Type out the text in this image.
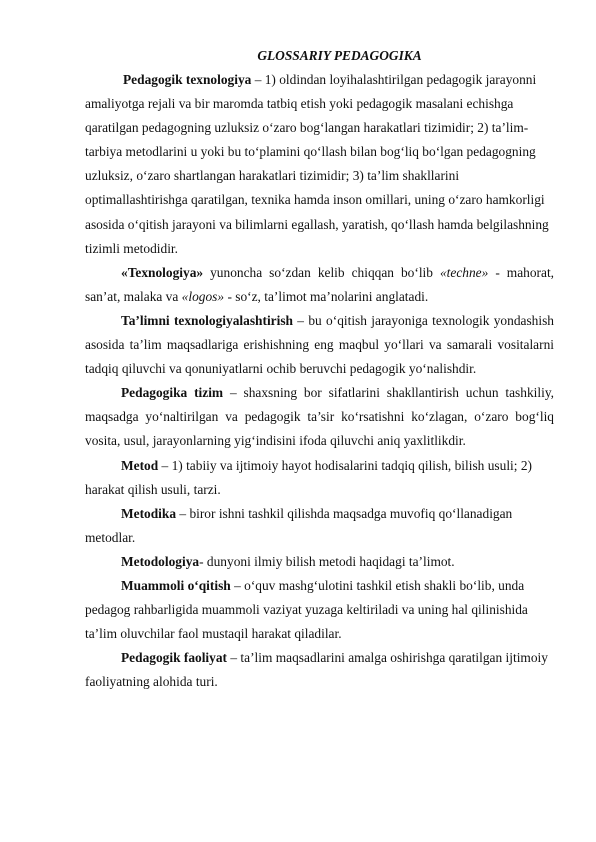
GLOSSARIY PEDAGOGIKA

Pedagogik texnologiya – 1) oldindan loyihalashtirilgan pedagogik jarayonni amaliyotga rejali va bir maromda tatbiq etish yoki pedagogik masalani echishga qaratilgan pedagogning uzluksiz o‘zaro bog‘langan harakatlari tizimidir; 2) ta’lim-tarbiya metodlarini u yoki bu to‘plamini qo‘llash bilan bog‘liq bo‘lgan pedagogning uzluksiz, o‘zaro shartlangan harakatlari tizimidir; 3) ta’lim shakllarini optimallashtirishga qaratilgan, texnika hamda inson omillari, uning o‘zaro hamkorligi asosida o‘qitish jarayoni va bilimlarni egallash, yaratish, qo‘llash hamda belgilashning tizimli metodidir.

«Texnologiya» yunoncha so‘zdan kelib chiqqan bo‘lib «techne» - mahorat, san’at, malaka va «logos» - so‘z, ta’limot ma’nolarini anglatadi.

Ta’limni texnologiyalashtirish – bu o‘qitish jarayoniga texnologik yondashish asosida ta’lim maqsadlariga erishishning eng maqbul yo‘llari va samarali vositalarni tadqiq qiluvchi va qonuniyatlarni ochib beruvchi pedagogik yo‘nalishdir.

Pedagogika tizim – shaxsning bor sifatlarini shakllantirish uchun tashkiliy, maqsadga yo‘naltirilgan va pedagogik ta’sir ko‘rsatishni ko‘zlagan, o‘zaro bog‘liq vosita, usul, jarayonlarning yig‘indisini ifoda qiluvchi aniq yaxlitlikdir.

Metod – 1) tabiiy va ijtimoiy hayot hodisalarini tadqiq qilish, bilish usuli; 2) harakat qilish usuli, tarzi.

Metodika – biror ishni tashkil qilishda maqsadga muvofiq qo‘llanadigan metodlar.

Metodologiya- dunyoni ilmiy bilish metodi haqidagi ta’limot.

Muammoli o‘qitish – o‘quv mashg‘ulotini tashkil etish shakli bo‘lib, unda pedagog rahbarligida muammoli vaziyat yuzaga keltiriladi va uning hal qilinishida ta’lim oluvchilar faol mustaqil harakat qiladilar.

Pedagogik faoliyat – ta’lim maqsadlarini amalga oshirishga qaratilgan ijtimoiy faoliyatning alohida turi.
